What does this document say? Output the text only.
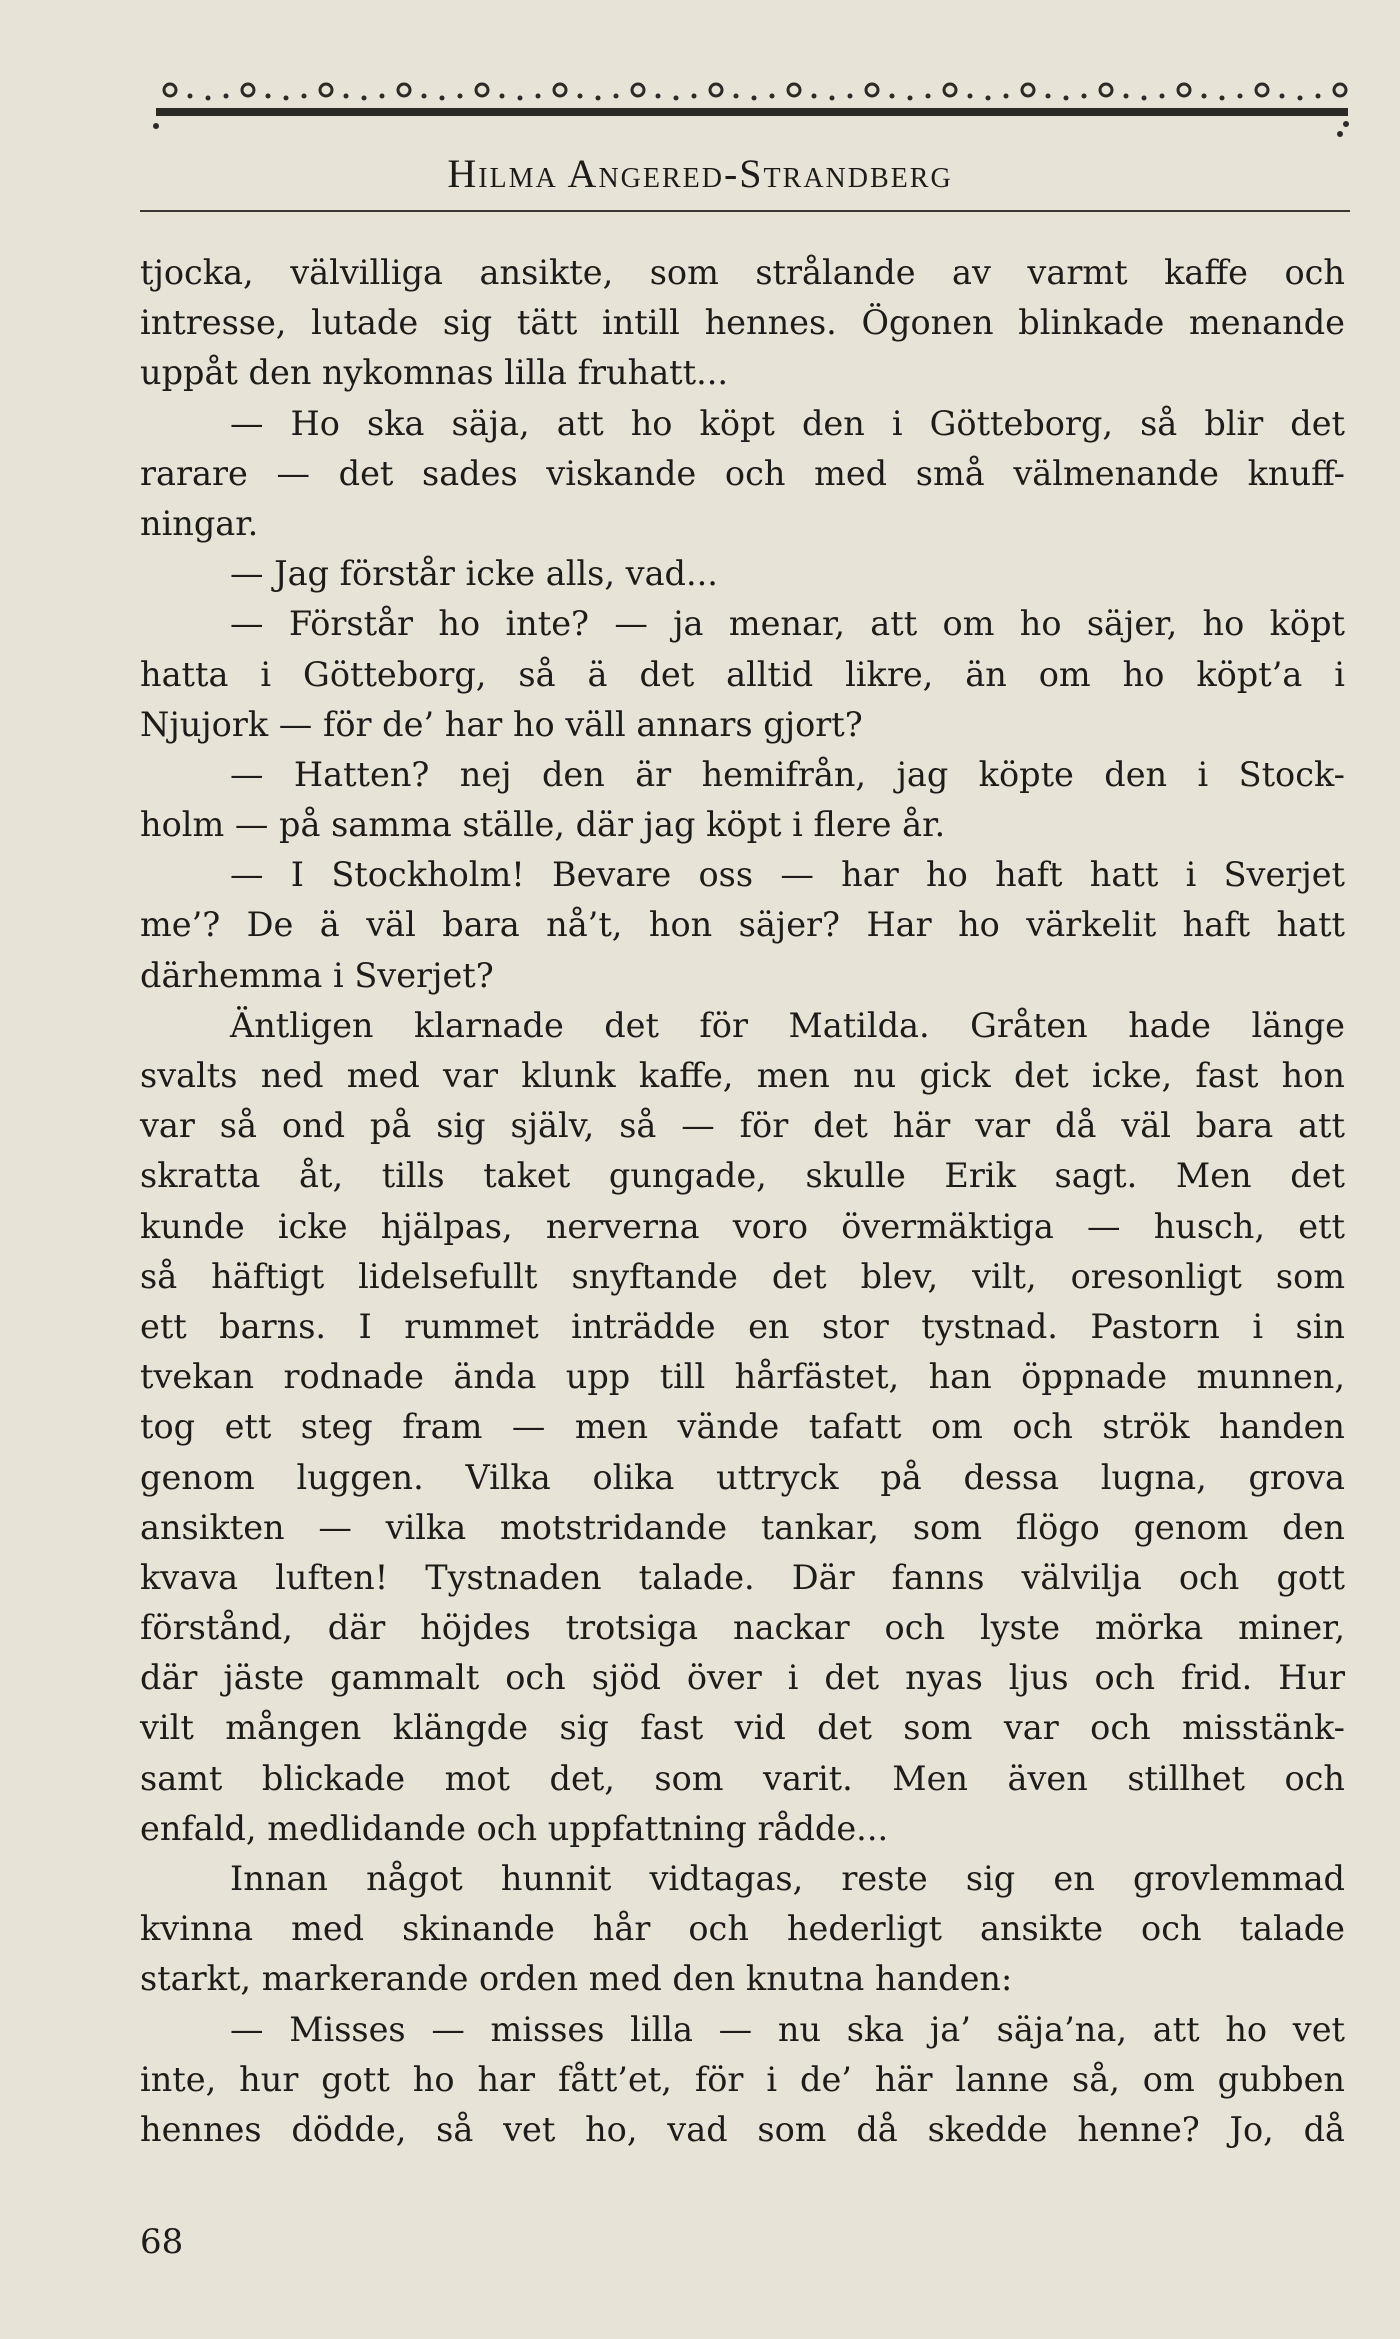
Hilma Angered-Strandberg
tjocka, välvilliga ansikte, som strålande av varmt kaffe och
intresse, lutade sig tätt intill hennes. Ögonen blinkade menande
uppåt den nykomnas lilla fruhatt...
— Ho ska säja, att ho köpt den i Götteborg, så blir det
rarare — det sades viskande och med små välmenande knuff-
ningar.
— Jag förstår icke alls, vad...
— Förstår ho inte? — ja menar, att om ho säjer, ho köpt
hatta i Götteborg, så ä det alltid likre, än om ho köpt’a i
Njujork — för de’ har ho väll annars gjort?
— Hatten? nej den är hemifrån, jag köpte den i Stock-
holm — på samma ställe, där jag köpt i flere år.
— I Stockholm! Bevare oss — har ho haft hatt i Sverjet
me’? De ä väl bara nå’t, hon säjer? Har ho värkelit haft hatt
därhemma i Sverjet?
Äntligen klarnade det för Matilda. Gråten hade länge
svalts ned med var klunk kaffe, men nu gick det icke, fast hon
var så ond på sig själv, så — för det här var då väl bara att
skratta åt, tills taket gungade, skulle Erik sagt. Men det
kunde icke hjälpas, nerverna voro övermäktiga — husch, ett
så häftigt lidelsefullt snyftande det blev, vilt, oresonligt som
ett barns. I rummet inträdde en stor tystnad. Pastorn i sin
tvekan rodnade ända upp till hårfästet, han öppnade munnen,
tog ett steg fram — men vände tafatt om och strök handen
genom luggen. Vilka olika uttryck på dessa lugna, grova
ansikten — vilka motstridande tankar, som flögo genom den
kvava luften! Tystnaden talade. Där fanns välvilja och gott
förstånd, där höjdes trotsiga nackar och lyste mörka miner,
där jäste gammalt och sjöd över i det nyas ljus och frid. Hur
vilt mången klängde sig fast vid det som var och misstänk-
samt blickade mot det, som varit. Men även stillhet och
enfald, medlidande och uppfattning rådde...
Innan något hunnit vidtagas, reste sig en grovlemmad
kvinna med skinande hår och hederligt ansikte och talade
starkt, markerande orden med den knutna handen:
— Misses — misses lilla — nu ska ja’ säja’na, att ho vet
inte, hur gott ho har fått’et, för i de’ här lanne så, om gubben
hennes dödde, så vet ho, vad som då skedde henne? Jo, då
68
